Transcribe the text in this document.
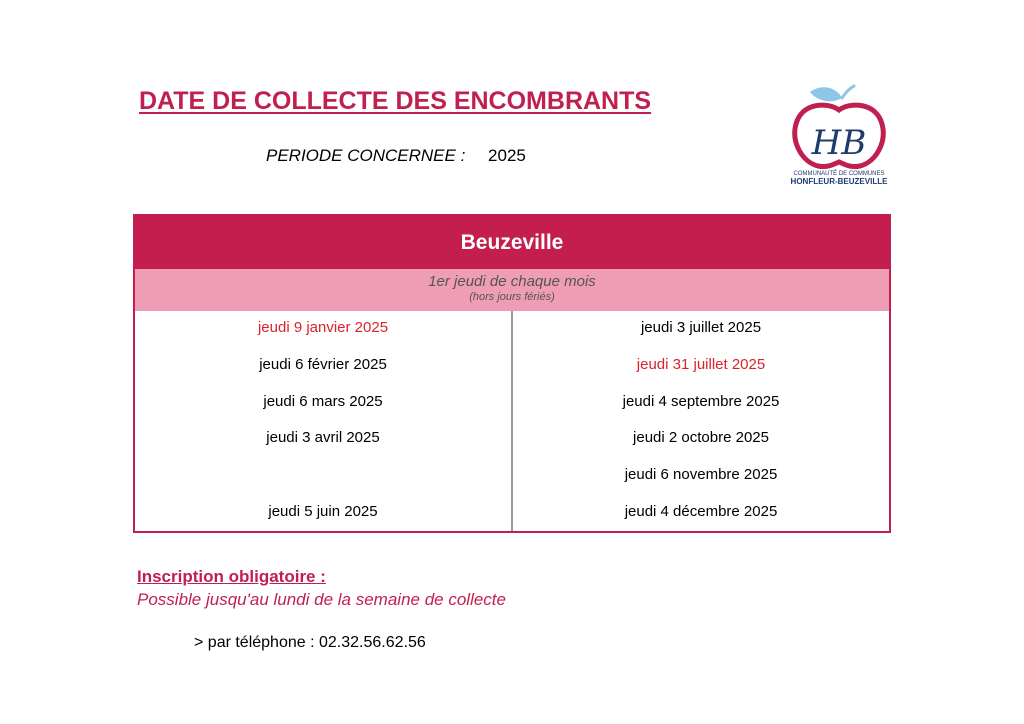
DATE DE COLLECTE DES ENCOMBRANTS
PERIODE CONCERNEE : 2025	HB
COMMUNAUTÉ DE COMMUNES
HONFLEUR-BEUZEVILLE
Beuzeville
1er jeudi de chaque mois
(hors jours fériés)
jeudi 9 janvier 2025
jeudi 6 février 2025
jeudi 6 mars 2025
jeudi 3 avril 2025
jeudi 5 juin 2025
jeudi 3 juillet 2025
jeudi 31 juillet 2025
jeudi 4 septembre 2025
jeudi 2 octobre 2025
jeudi 6 novembre 2025
jeudi 4 décembre 2025
Inscription obligatoire :
Possible jusqu'au lundi de la semaine de collecte
> par téléphone : 02.32.56.62.56
